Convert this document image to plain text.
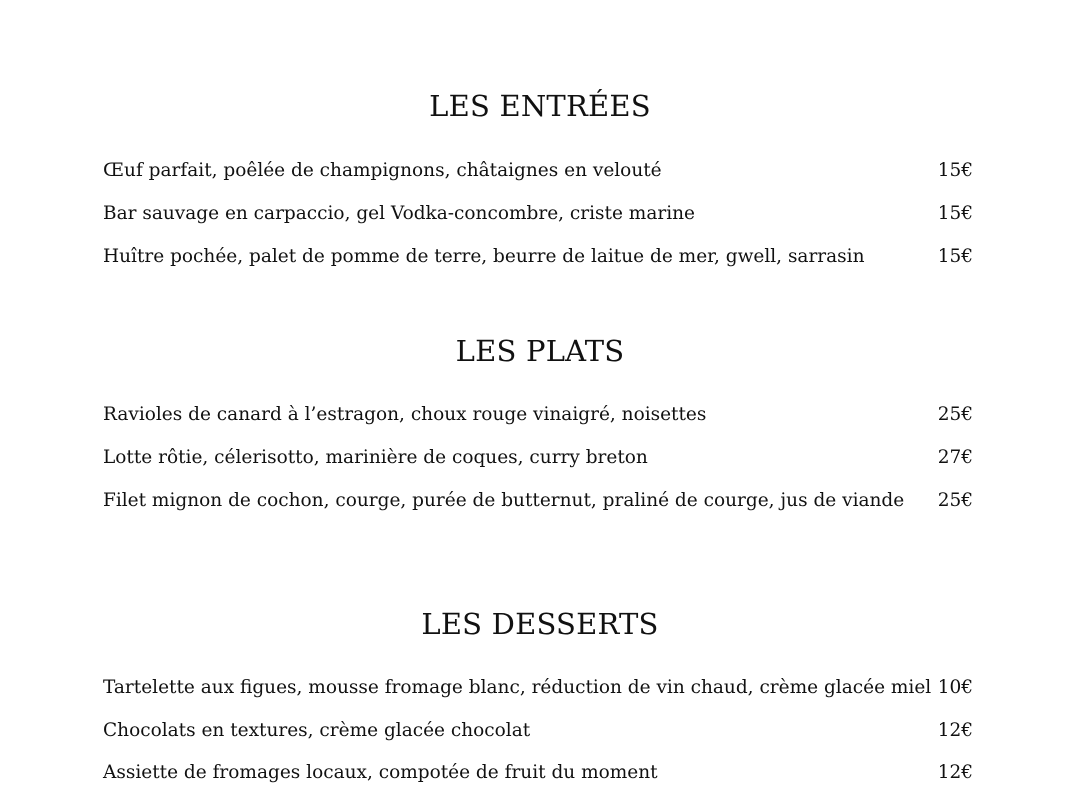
LES ENTRÉES
Œuf parfait, poêlée de champignons, châtaignes en velouté	15€
Bar sauvage en carpaccio, gel Vodka-concombre, criste marine	15€
Huître pochée, palet de pomme de terre, beurre de laitue de mer, gwell, sarrasin	15€
LES PLATS
Ravioles de canard à l’estragon, choux rouge vinaigré, noisettes	25€
Lotte rôtie, célerisotto, marinière de coques, curry breton	27€
Filet mignon de cochon, courge, purée de butternut, praliné de courge, jus de viande 25€
LES DESSERTS
Tartelette aux figues, mousse fromage blanc, réduction de vin chaud, crème glacée miel 10€
Chocolats en textures, crème glacée chocolat	12€
Assiette de fromages locaux, compotée de fruit du moment	12€
